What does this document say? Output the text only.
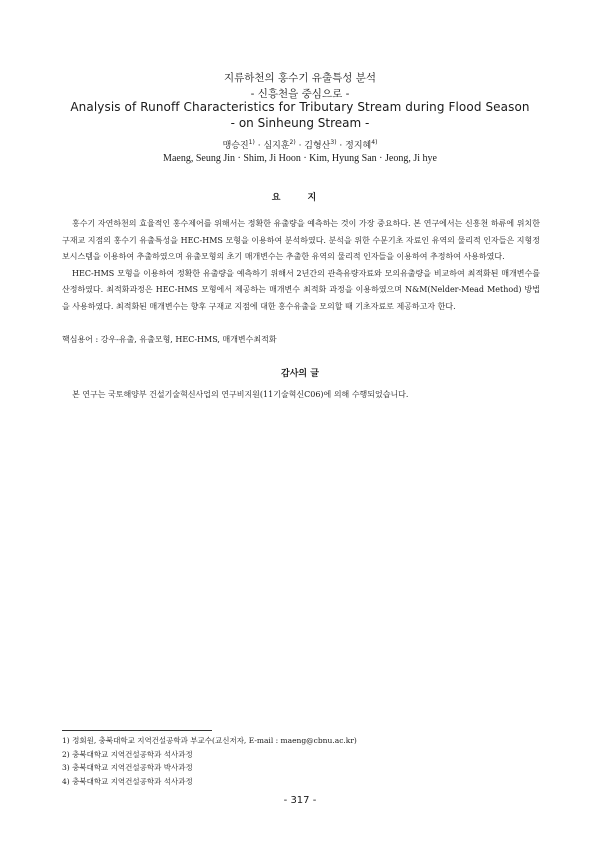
지류하천의 홍수기 유출특성 분석
- 신흥천을 중심으로 -
Analysis of Runoff Characteristics for Tributary Stream during Flood Season
- on Sinheung Stream -
맹승진$^{1)}$ · 심지훈$^{2)}$ · 김형산$^{3)}$ · 정지혜$^{4)}$
Maeng, Seung Jin · Shim, Ji Hoon · Kim, Hyung San · Jeong, Ji hye
요 지

홍수기 자연하천의 효율적인 홍수제어를 위해서는 정확한 유출량을 예측하는 것이 가장 중요하다. 본 연구에서는 신흥천 하류에 위치한 구재교 지점의 홍수기 유출특성을 HEC-HMS 모형을 이용하여 분석하였다. 분석을 위한 수문기초 자료인 유역의 물리적 인자들은 지형정보시스템을 이용하여 추출하였으며 유출모형의 초기 매개변수는 추출한 유역의 물리적 인자들을 이용하여 추정하여 사용하였다.

HEC-HMS 모형을 이용하여 정확한 유출량을 예측하기 위해서 2년간의 관측유량자료와 모의유출량을 비교하여 최적화된 매개변수를 산정하였다. 최적화과정은 HEC-HMS 모형에서 제공하는 매개변수 최적화 과정을 이용하였으며 N&M(Nelder-Mead Method) 방법을 사용하였다. 최적화된 매개변수는 향후 구재교 지점에 대한 홍수유출을 모의할 때 기초자료로 제공하고자 한다.

핵심용어 : 강우-유출, 유출모형, HEC-HMS, 매개변수최적화
감사의 글
본 연구는 국토해양부 건설기술혁신사업의 연구비지원(11기술혁신C06)에 의해 수행되었습니다.
1) 정회원, 충북대학교 지역건설공학과 부교수(교신저자, E-mail : maeng@cbnu.ac.kr)
2) 충북대학교 지역건설공학과 석사과정
3) 충북대학교 지역건설공학과 박사과정
4) 충북대학교 지역건설공학과 석사과정
- 317 -
